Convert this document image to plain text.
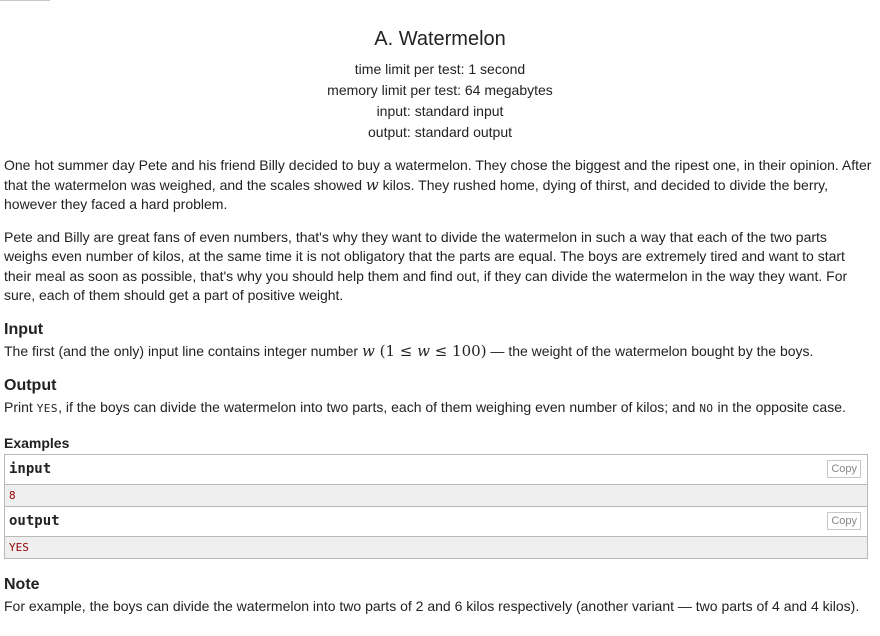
A. Watermelon
time limit per test: 1 second
memory limit per test: 64 megabytes
input: standard input
output: standard output

One hot summer day Pete and his friend Billy decided to buy a watermelon. They chose the biggest and the ripest one, in their opinion. After that the watermelon was weighed, and the scales showed w kilos. They rushed home, dying of thirst, and decided to divide the berry, however they faced a hard problem.

Pete and Billy are great fans of even numbers, that's why they want to divide the watermelon in such a way that each of the two parts weighs even number of kilos, at the same time it is not obligatory that the parts are equal. The boys are extremely tired and want to start their meal as soon as possible, that's why you should help them and find out, if they can divide the watermelon in the way they want. For sure, each of them should get a part of positive weight.

Input

The first (and the only) input line contains integer number w (1 ≤ w ≤ 100) — the weight of the watermelon bought by the boys.

Output

Print YES, if the boys can divide the watermelon into two parts, each of them weighing even number of kilos; and NO in the opposite case.

Examples

input	Copy
8
output	Copy
YES

Note

For example, the boys can divide the watermelon into two parts of 2 and 6 kilos respectively (another variant — two parts of 4 and 4 kilos).
